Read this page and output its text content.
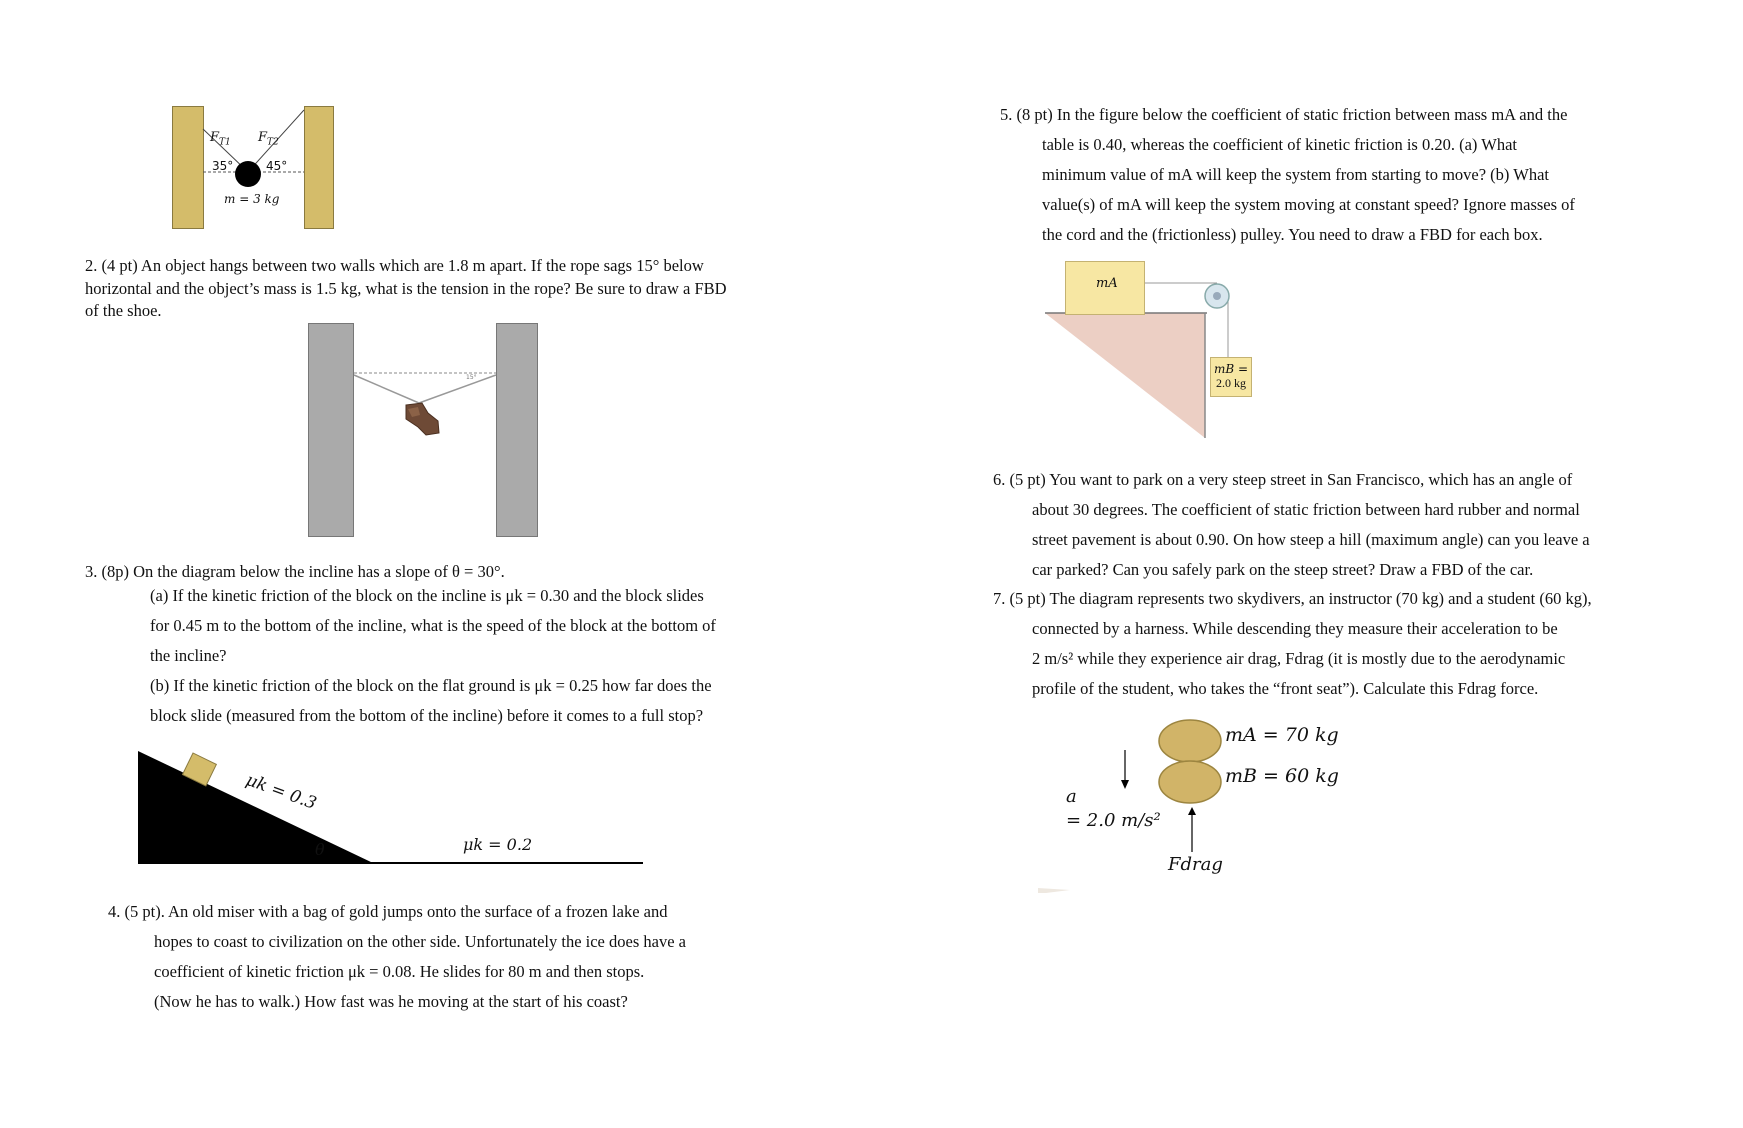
$F_{T1}$ $F_{T2}$
35°	45°
m = 3 kg
2. (4 pt) An object hangs between two walls which are 1.8 m apart. If the rope sags 15° below
horizontal and the object’s mass is 1.5 kg, what is the tension in the rope? Be sure to draw a FBD
of the shoe.
15°
3. (8p) On the diagram below the incline has a slope of θ = 30°.
(a) If the kinetic friction of the block on the incline is μk = 0.30 and the block slides
for 0.45 m to the bottom of the incline, what is the speed of the block at the bottom of
the incline?
(b) If the kinetic friction of the block on the flat ground is μk = 0.25 how far does the
block slide (measured from the bottom of the incline) before it comes to a full stop?
μk = 0.3
θ	μk = 0.2
4. (5 pt). An old miser with a bag of gold jumps onto the surface of a frozen lake and
hopes to coast to civilization on the other side. Unfortunately the ice does have a
coefficient of kinetic friction μk = 0.08. He slides for 80 m and then stops.
(Now he has to walk.) How fast was he moving at the start of his coast?
5. (8 pt) In the figure below the coefficient of static friction between mass mA and the
table is 0.40, whereas the coefficient of kinetic friction is 0.20. (a) What
minimum value of mA will keep the system from starting to move? (b) What
value(s) of mA will keep the system moving at constant speed? Ignore masses of
the cord and the (frictionless) pulley. You need to draw a FBD for each box.
mA
mB =
2.0 kg
6. (5 pt) You want to park on a very steep street in San Francisco, which has an angle of
about 30 degrees. The coefficient of static friction between hard rubber and normal
street pavement is about 0.90. On how steep a hill (maximum angle) can you leave a
car parked? Can you safely park on the steep street? Draw a FBD of the car.
7. (5 pt) The diagram represents two skydivers, an instructor (70 kg) and a student (60 kg),
connected by a harness. While descending they measure their acceleration to be
2 m/s² while they experience air drag, Fdrag (it is mostly due to the aerodynamic
profile of the student, who takes the “front seat”). Calculate this Fdrag force.
mA = 70 kg
mB = 60 kg
a
= 2.0 m/s²
Fdrag
